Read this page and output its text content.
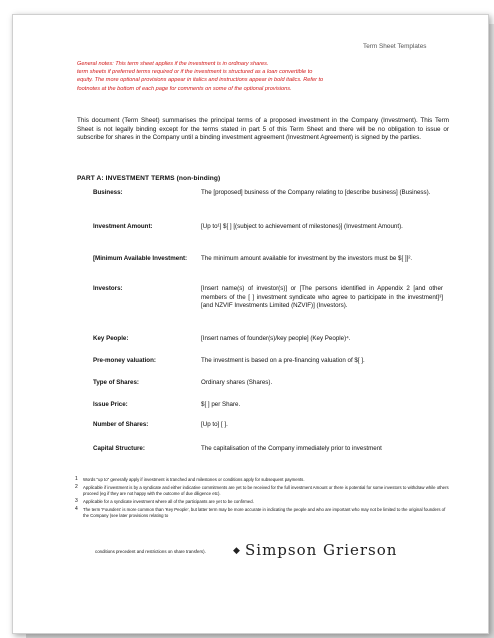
Term Sheet Templates
General notes: This term sheet applies if the investment is in ordinary shares.
term sheets if preferred terms required or if the investment is structured as a loan convertible to
equity. The more optional provisions appear in italics and instructions appear in bold italics. Refer to
footnotes at the bottom of each page for comments on some of the optional provisions.
This document (Term Sheet) summarises the principal terms of a proposed investment in the Company (Investment). This Term Sheet is not legally binding except for the terms stated in part 5 of this Term Sheet and there will be no obligation to issue or subscribe for shares in the Company until a binding investment agreement (Investment Agreement) is signed by the parties.
PART A: INVESTMENT TERMS (non-binding)
Business:	The [proposed] business of the Company relating to [describe business] (Business).
Investment Amount:	[Up to¹] $[ ] [(subject to achievement of milestones)] (Investment Amount).
[Minimum Available Investment:	The minimum amount available for investment by the investors must be $[ ]]².
Investors:	[Insert name(s) of investor(s)] or [The persons identified in Appendix 2 [and other members of the [ ] investment syndicate who agree to participate in the investment]³] [and NZVIF Investments Limited (NZVIF)] (Investors).
Key People:	[Insert names of founder(s)/key people] (Key People)⁴.
Pre-money valuation:	The investment is based on a pre-financing valuation of $[ ].
Type of Shares:	Ordinary shares (Shares).
Issue Price:	$[ ] per Share.
Number of Shares:	[Up to] [ ].
Capital Structure:	The capitalisation of the Company immediately prior to investment
1 Words "up to" generally apply if investment is tranched and milestones or conditions apply for subsequent payments.
2 Applicable if investment is by a syndicate and either indicative commitments are yet to be received for the full investment Amount or there is potential for some investors to withdraw while others proceed (eg if they are not happy with the outcome of due diligence etc).
3 Applicable for a syndicate investment where all of the participants are yet to be confirmed.
4 The term 'Founders' is more common than 'Key People', but latter term may be more accurate in indicating the people and who are important who may not be limited to the original founders of the Company (see later provisions relating to
conditions precedent and restrictions on share transfers).	◆ Simpson Grierson
